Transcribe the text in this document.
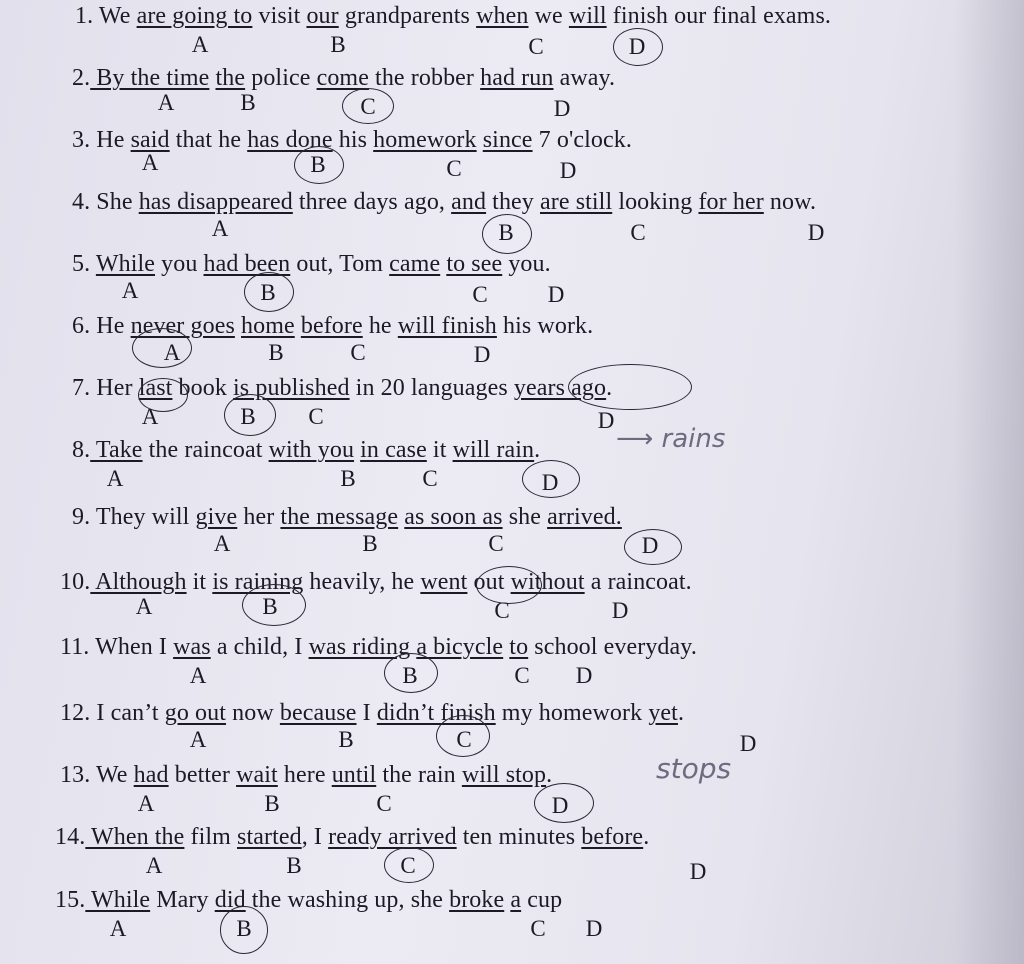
1. We are going to visit our grandparents when we will finish our final exams.
A	B	C	D
2. By the time the police come the robber had run away.
A	B	C	D
3. He said that he has done his homework since 7 o'clock.
A	B	C	D
4. She has disappeared three days ago, and they are still looking for her now.
A	B	C	D
5. While you had been out, Tom came to see you.
A	B	C	D
6. He never goes home before he will finish his work.
A	B	C	D
7. Her last book is published in 20 languages years ago.
A	B	C	D
8. Take the raincoat with you in case it will rain.
A	B	C	D
⟶ rains
9. They will give her the message as soon as she arrived.
A	B	C	D
10. Although it is raining heavily, he went out without a raincoat.
A	B	C	D
11. When I was a child, I was riding a bicycle to school everyday.
A	B	C	D
12. I can’t go out now because I didn’t finish my homework yet.
A	B	C	D
13. We had better wait here until the rain will stop.
A	B	C	D
stops
14. When the film started, I ready arrived ten minutes before.
A	B	C	D
15. While Mary did the washing up, she broke a cup
A	B	C	D
